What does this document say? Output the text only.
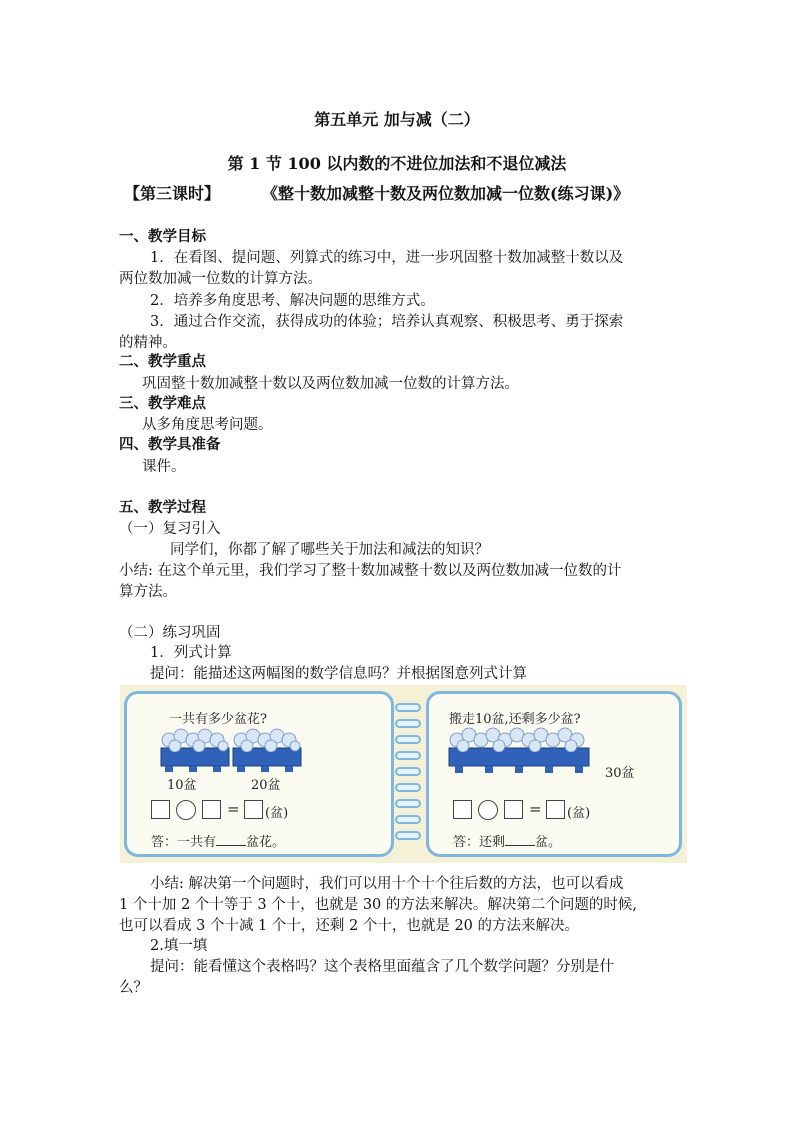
第五单元 加与减（二）
第 1 节 100 以内数的不进位加法和不退位减法
【第三课时】	《整十数加减整十数及两位数加减一位数(练习课)》
一、教学目标
1．在看图、提问题、列算式的练习中，进一步巩固整十数加减整十数以及
两位数加减一位数的计算方法。
2．培养多角度思考、解决问题的思维方式。
3．通过合作交流，获得成功的体验；培养认真观察、积极思考、勇于探索
的精神。
二、教学重点
巩固整十数加减整十数以及两位数加减一位数的计算方法。
三、教学难点
从多角度思考问题。
四、教学具准备
课件。
五、教学过程
（一）复习引入
同学们，你都了解了哪些关于加法和减法的知识？
小结: 在这个单元里，我们学习了整十数加减整十数以及两位数加减一位数的计
算方法。
（二）练习巩固
1．列式计算
提问：能描述这两幅图的数学信息吗？并根据图意列式计算
一共有多少盆花?
10盆	20盆
= (盆)
答：一共有 盆花。
搬走10盆,还剩多少盆?
30盆
= (盆)
答：还剩 盆。
小结: 解决第一个问题时，我们可以用十个十个往后数的方法，也可以看成
1 个十加 2 个十等于 3 个十，也就是 30 的方法来解决。解决第二个问题的时候,
也可以看成 3 个十减 1 个十，还剩 2 个十，也就是 20 的方法来解决。
2.填一填
提问：能看懂这个表格吗？这个表格里面蕴含了几个数学问题？分别是什
么？
